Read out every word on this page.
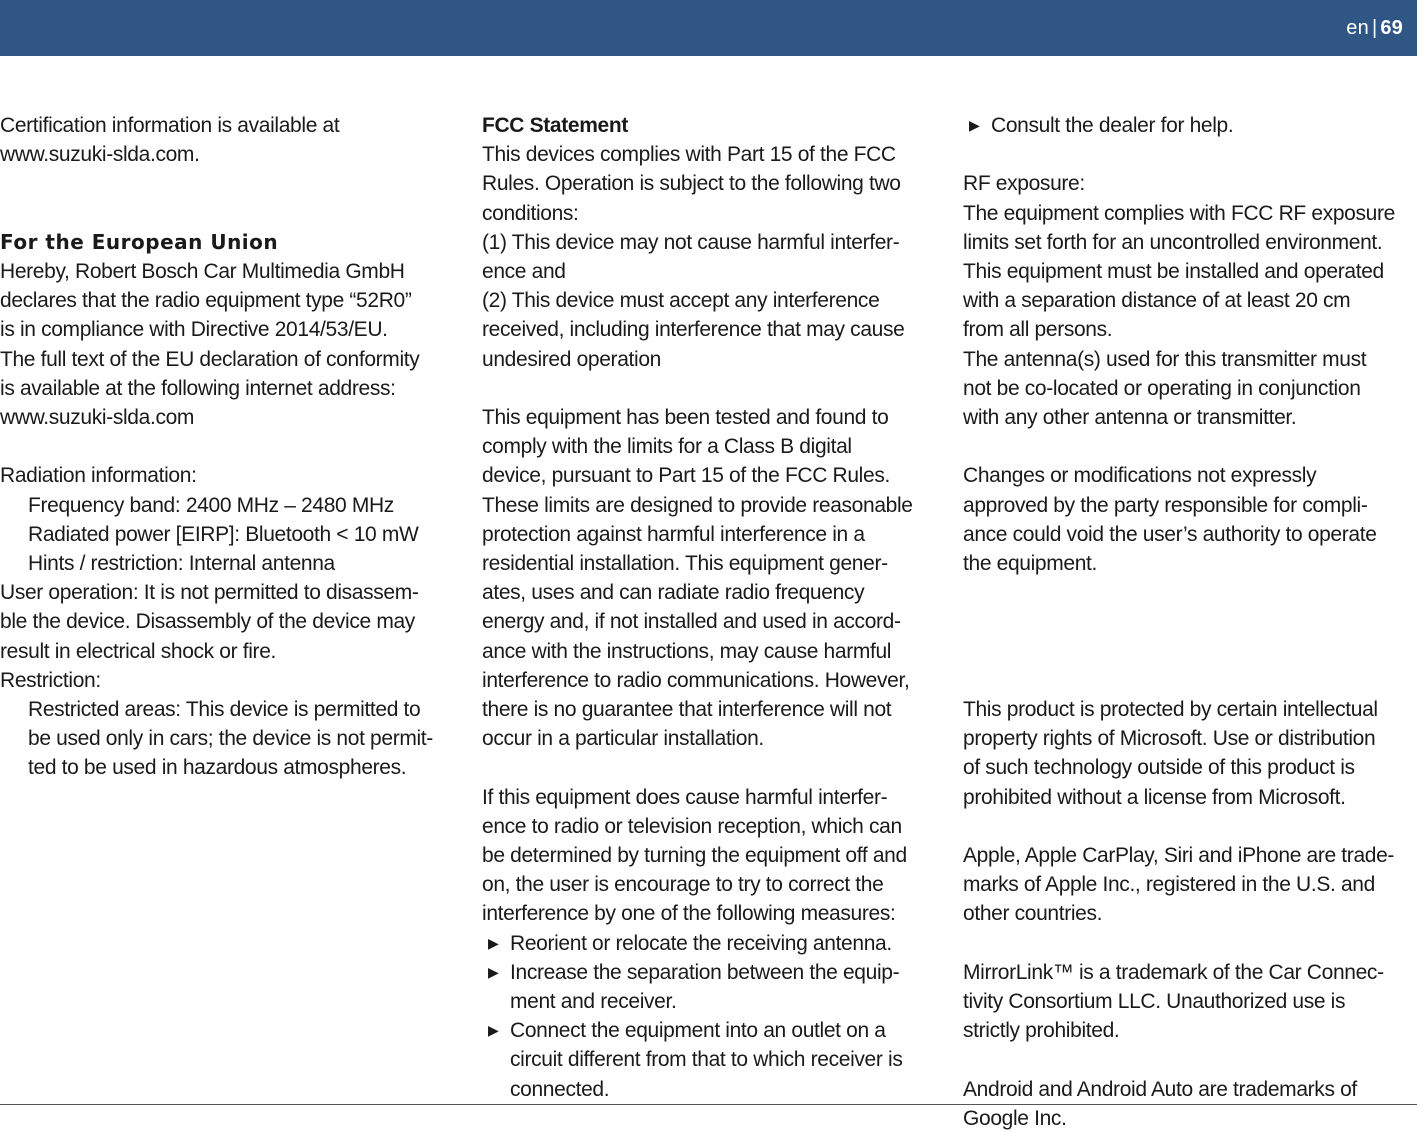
en | 69

Certification information is available at

www.suzuki-slda.com.

For the European Union

Hereby, Robert Bosch Car Multimedia GmbH

declares that the radio equipment type “52R0”

is in compliance with Directive 2014/53/EU.

The full text of the EU declaration of conformity

is available at the following internet address:

www.suzuki-slda.com

Radiation information:

Frequency band: 2400 MHz – 2480 MHz

Radiated power [EIRP]: Bluetooth < 10 mW

Hints / restriction: Internal antenna

User operation: It is not permitted to disassem-

ble the device. Disassembly of the device may

result in electrical shock or fire.

Restriction:

Restricted areas: This device is permitted to

be used only in cars; the device is not permit-

ted to be used in hazardous atmospheres.

FCC Statement

This devices complies with Part 15 of the FCC

Rules. Operation is subject to the following two

conditions:

(1) This device may not cause harmful interfer-

ence and

(2) This device must accept any interference

received, including interference that may cause

undesired operation

This equipment has been tested and found to

comply with the limits for a Class B digital

device, pursuant to Part 15 of the FCC Rules.

These limits are designed to provide reasonable

protection against harmful interference in a

residential installation. This equipment gener-

ates, uses and can radiate radio frequency

energy and, if not installed and used in accord-

ance with the instructions, may cause harmful

interference to radio communications. However,

there is no guarantee that interference will not

occur in a particular installation.

If this equipment does cause harmful interfer-

ence to radio or television reception, which can

be determined by turning the equipment off and

on, the user is encourage to try to correct the

interference by one of the following measures:

▶ Reorient or relocate the receiving antenna.

▶ Increase the separation between the equip-

ment and receiver.

▶ Connect the equipment into an outlet on a

circuit different from that to which receiver is

connected.

▶ Consult the dealer for help.

RF exposure:

The equipment complies with FCC RF exposure

limits set forth for an uncontrolled environment.

This equipment must be installed and operated

with a separation distance of at least 20 cm

from all persons.

The antenna(s) used for this transmitter must

not be co-located or operating in conjunction

with any other antenna or transmitter.

Changes or modifications not expressly

approved by the party responsible for compli-

ance could void the user’s authority to operate

the equipment.

This product is protected by certain intellectual

property rights of Microsoft. Use or distribution

of such technology outside of this product is

prohibited without a license from Microsoft.

Apple, Apple CarPlay, Siri and iPhone are trade-

marks of Apple Inc., registered in the U.S. and

other countries.

MirrorLink™ is a trademark of the Car Connec-

tivity Consortium LLC. Unauthorized use is

strictly prohibited.

Android and Android Auto are trademarks of

Google Inc.
